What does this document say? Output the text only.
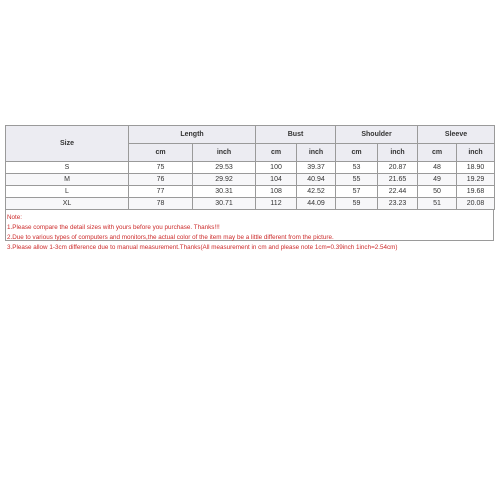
Size	Length		Bust		Shoulder		Sleeve	
	cm	inch	cm	inch	cm	inch	cm	inch
S	75	29.53	100	39.37	53	20.87	48	18.90
M	76	29.92	104	40.94	55	21.65	49	19.29
L	77	30.31	108	42.52	57	22.44	50	19.68
XL	78	30.71	112	44.09	59	23.23	51	20.08
Note:
1.Please compare the detail sizes with yours before you purchase. Thanks!!!
2.Due to various types of computers and monitors,the actual color of the item may be a little different from the picture.
3.Please allow 1-3cm difference due to manual measurement.Thanks(All measurement in cm and please note 1cm=0.39inch 1inch=2.54cm)
